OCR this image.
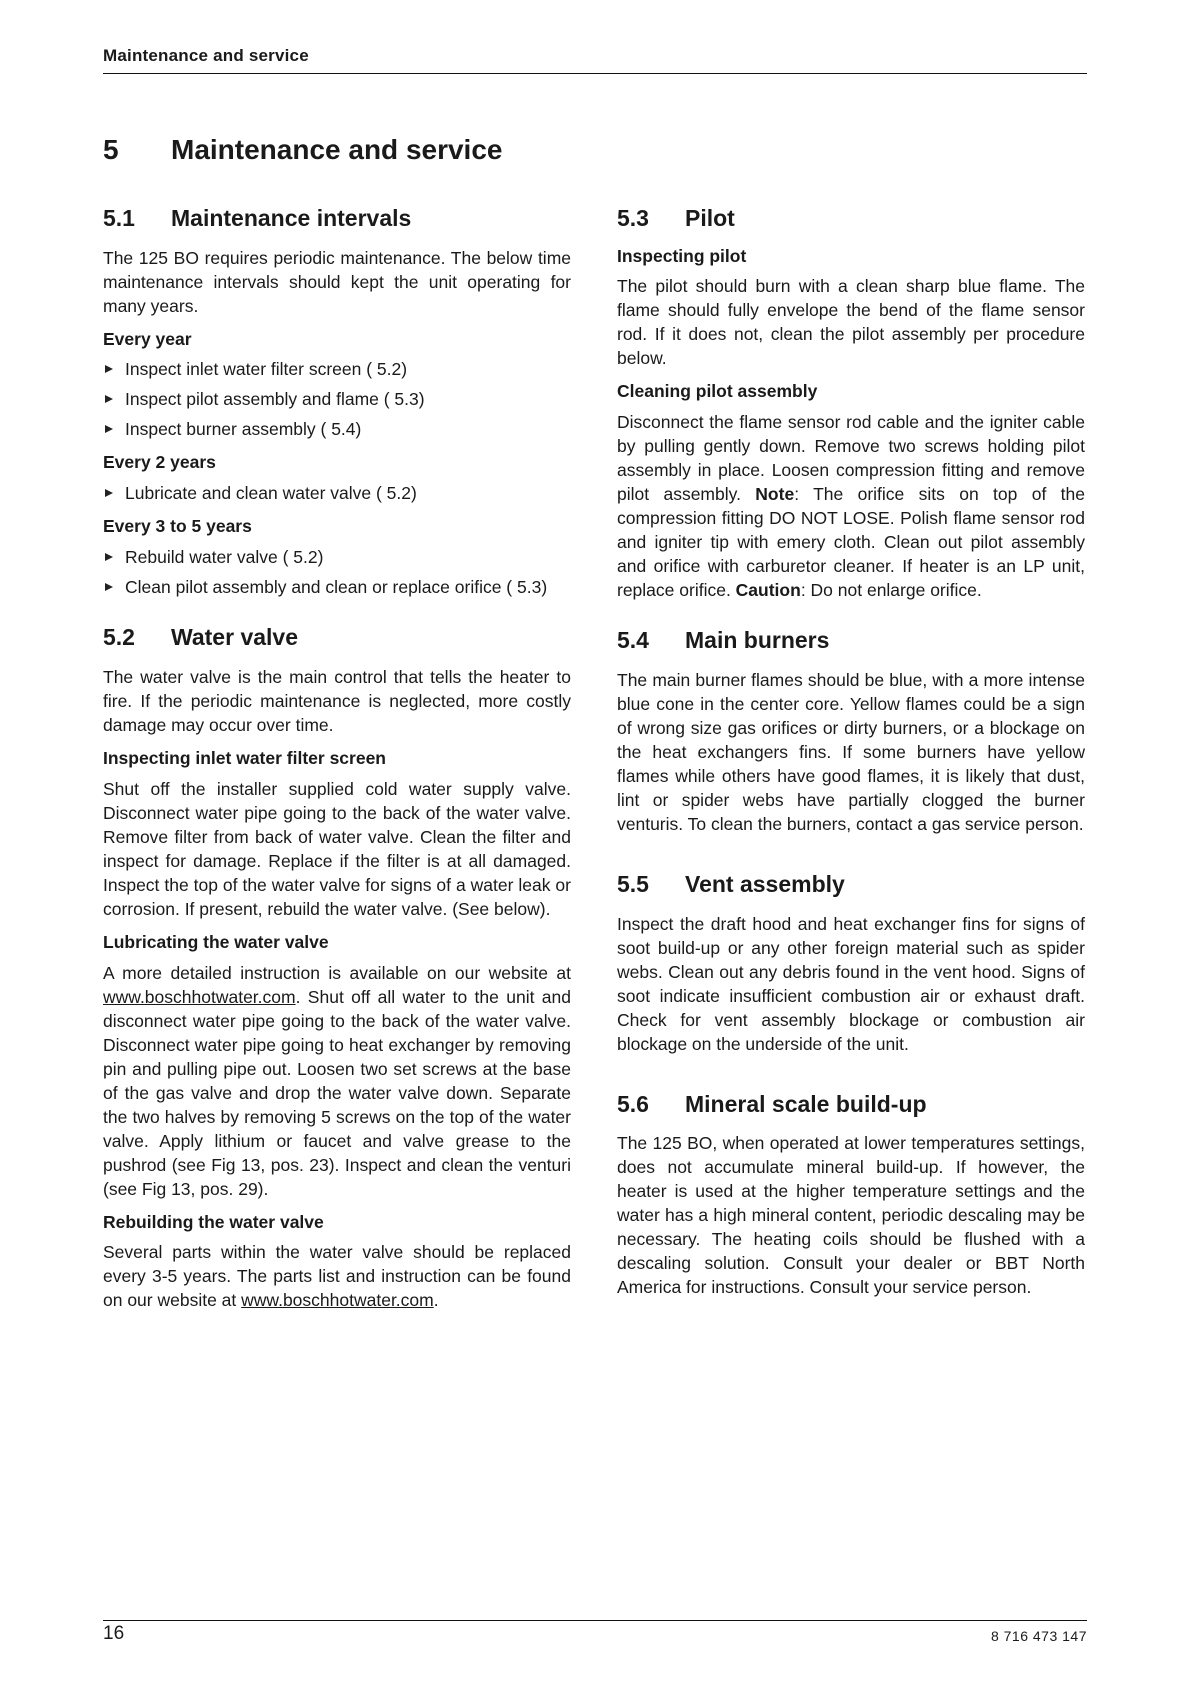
Maintenance and service
5	Maintenance and service
5.1	Maintenance intervals

The 125 BO requires periodic maintenance. The below time maintenance intervals should kept the unit operating for many years.

Every year
Inspect inlet water filter screen ( 5.2)
Inspect pilot assembly and flame ( 5.3)
Inspect burner assembly ( 5.4)
Every 2 years
Lubricate and clean water valve ( 5.2)
Every 3 to 5 years
Rebuild water valve ( 5.2)
Clean pilot assembly and clean or replace orifice ( 5.3)
5.2	Water valve

The water valve is the main control that tells the heater to fire. If the periodic maintenance is neglected, more costly damage may occur over time.

Inspecting inlet water filter screen

Shut off the installer supplied cold water supply valve. Disconnect water pipe going to the back of the water valve. Remove filter from back of water valve. Clean the filter and inspect for damage. Replace if the filter is at all damaged. Inspect the top of the water valve for signs of a water leak or corrosion. If present, rebuild the water valve. (See below).

Lubricating the water valve

A more detailed instruction is available on our website at www.boschhotwater.com. Shut off all water to the unit and disconnect water pipe going to the back of the water valve. Disconnect water pipe going to heat exchanger by removing pin and pulling pipe out. Loosen two set screws at the base of the gas valve and drop the water valve down. Separate the two halves by removing 5 screws on the top of the water valve. Apply lithium or faucet and valve grease to the pushrod (see Fig 13, pos. 23). Inspect and clean the venturi (see Fig 13, pos. 29).

Rebuilding the water valve

Several parts within the water valve should be replaced every 3-5 years. The parts list and instruction can be found on our website at www.boschhotwater.com.

5.3	Pilot
Inspecting pilot

The pilot should burn with a clean sharp blue flame. The flame should fully envelope the bend of the flame sensor rod. If it does not, clean the pilot assembly per procedure below.

Cleaning pilot assembly

Disconnect the flame sensor rod cable and the igniter cable by pulling gently down. Remove two screws holding pilot assembly in place. Loosen compression fitting and remove pilot assembly. Note: The orifice sits on top of the compression fitting DO NOT LOSE. Polish flame sensor rod and igniter tip with emery cloth. Clean out pilot assembly and orifice with carburetor cleaner. If heater is an LP unit, replace orifice. Caution: Do not enlarge orifice.

5.4	Main burners

The main burner flames should be blue, with a more intense blue cone in the center core. Yellow flames could be a sign of wrong size gas orifices or dirty burners, or a blockage on the heat exchangers fins. If some burners have yellow flames while others have good flames, it is likely that dust, lint or spider webs have partially clogged the burner venturis. To clean the burners, contact a gas service person.

5.5	Vent assembly

Inspect the draft hood and heat exchanger fins for signs of soot build-up or any other foreign material such as spider webs. Clean out any debris found in the vent hood. Signs of soot indicate insufficient combustion air or exhaust draft. Check for vent assembly blockage or combustion air blockage on the underside of the unit.

5.6	Mineral scale build-up

The 125 BO, when operated at lower temperatures settings, does not accumulate mineral build-up. If however, the heater is used at the higher temperature settings and the water has a high mineral content, periodic descaling may be necessary. The heating coils should be flushed with a descaling solution. Consult your dealer or BBT North America for instructions. Consult your service person.

16	8 716 473 147
